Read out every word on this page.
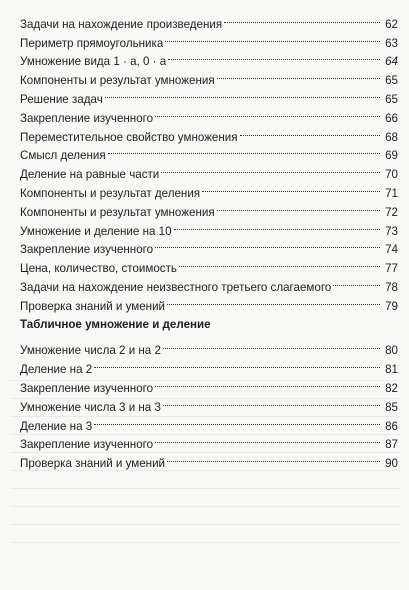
Задачи на нахождение произведения	62
Периметр прямоугольника	63
Умножение вида 1 · a, 0 · a	64
Компоненты и результат умножения	65
Решение задач	65
Закрепление изученного	66
Переместительное свойство умножения	68
Смысл деления	69
Деление на равные части	70
Компоненты и результат деления	71
Компоненты и результат умножения	72
Умножение и деление на 10	73
Закрепление изученного	74
Цена, количество, стоимость	77
Задачи на нахождение неизвестного третьего слагаемого	78
Проверка знаний и умений	79
Табличное умножение и деление
Умножение числа 2 и на 2	80
Деление на 2	81
Закрепление изученного	82
Умножение числа 3 и на 3	85
Деление на 3	86
Закрепление изученного	87
Проверка знаний и умений	90
